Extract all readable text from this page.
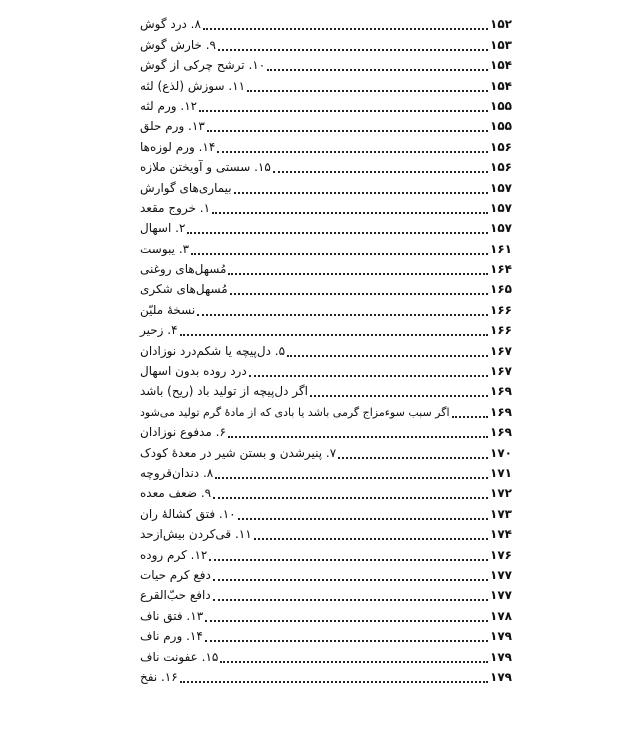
۸. درد گوش	۱۵۲
۹. خارش گوش	۱۵۳
۱۰. ترشح چرکی از گوش	۱۵۴
۱۱. سوزش (لذع) لثه	۱۵۴
۱۲. ورم لثه	۱۵۵
۱۳. ورم حلق	۱۵۵
۱۴. ورم لوزه‌ها	۱۵۶
۱۵. سستی و آویختن ملازه	۱۵۶
بیماری‌های گوارش	۱۵۷
۱. خروج مقعد	۱۵۷
۲. اسهال	۱۵۷
۳. یبوست	۱۶۱
مُسهل‌های روغنی	۱۶۴
مُسهل‌های شکری	۱۶۵
نسخهٔ ملیّن	۱۶۶
۴. زحیر	۱۶۶
۵. دل‌پیچه یا شکم‌درد نوزادان	۱۶۷
درد روده بدون اسهال	۱۶۷
اگر دل‌پیچه از تولید باد (ریح) باشد	۱۶۹
اگر سبب سوءمزاج گرمی باشد یا بادی که از مادهٔ گرم تولید می‌شود	۱۶۹
۶. مدفوع نوزادان	۱۶۹
۷. پنیرشدن و بستن شیر در معدهٔ کودک	۱۷۰
۸. دندان‌قروچه	۱۷۱
۹. ضعف معده	۱۷۲
۱۰. فتق کشالهٔ ران	۱۷۳
۱۱. قی‌کردن بیش‌ازحد	۱۷۴
۱۲. کرم روده	۱۷۶
دفع کرم حیات	۱۷۷
دافع حبّ‌القرع	۱۷۷
۱۳. فتق ناف	۱۷۸
۱۴. ورم ناف	۱۷۹
۱۵. عفونت ناف	۱۷۹
۱۶. نفخ	۱۷۹
